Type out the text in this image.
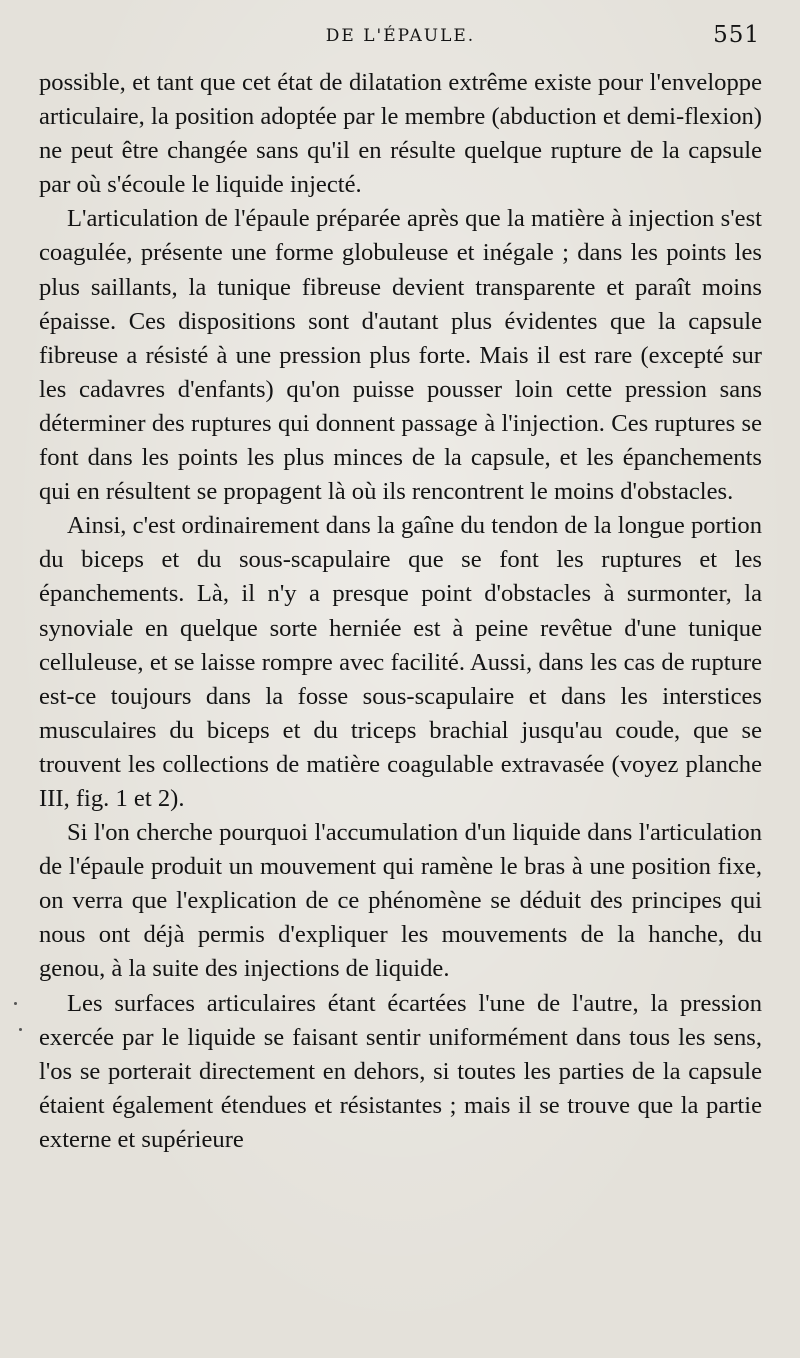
DE L'ÉPAULE.	551

possible, et tant que cet état de dilatation extrême existe pour l'enveloppe articulaire, la position adoptée par le membre (abduction et demi-flexion) ne peut être changée sans qu'il en résulte quelque rupture de la capsule par où s'écoule le liquide injecté.

L'articulation de l'épaule préparée après que la matière à injection s'est coagulée, présente une forme globuleuse et inégale ; dans les points les plus saillants, la tunique fibreuse devient transparente et paraît moins épaisse. Ces dispositions sont d'autant plus évidentes que la capsule fibreuse a résisté à une pression plus forte. Mais il est rare (excepté sur les cadavres d'enfants) qu'on puisse pousser loin cette pression sans déterminer des ruptures qui donnent passage à l'injection. Ces ruptures se font dans les points les plus minces de la capsule, et les épanchements qui en résultent se propagent là où ils rencontrent le moins d'obstacles.

Ainsi, c'est ordinairement dans la gaîne du tendon de la longue portion du biceps et du sous-scapulaire que se font les ruptures et les épanchements. Là, il n'y a presque point d'obstacles à surmonter, la synoviale en quelque sorte herniée est à peine revêtue d'une tunique celluleuse, et se laisse rompre avec facilité. Aussi, dans les cas de rupture est-ce toujours dans la fosse sous-scapulaire et dans les interstices musculaires du biceps et du triceps brachial jusqu'au coude, que se trouvent les collections de matière coagulable extravasée (voyez planche III, fig. 1 et 2).

Si l'on cherche pourquoi l'accumulation d'un liquide dans l'articulation de l'épaule produit un mouvement qui ramène le bras à une position fixe, on verra que l'explication de ce phénomène se déduit des principes qui nous ont déjà permis d'expliquer les mouvements de la hanche, du genou, à la suite des injections de liquide.

Les surfaces articulaires étant écartées l'une de l'autre, la pression exercée par le liquide se faisant sentir uniformément dans tous les sens, l'os se porterait directement en dehors, si toutes les parties de la capsule étaient également étendues et résistantes ; mais il se trouve que la partie externe et supérieure
